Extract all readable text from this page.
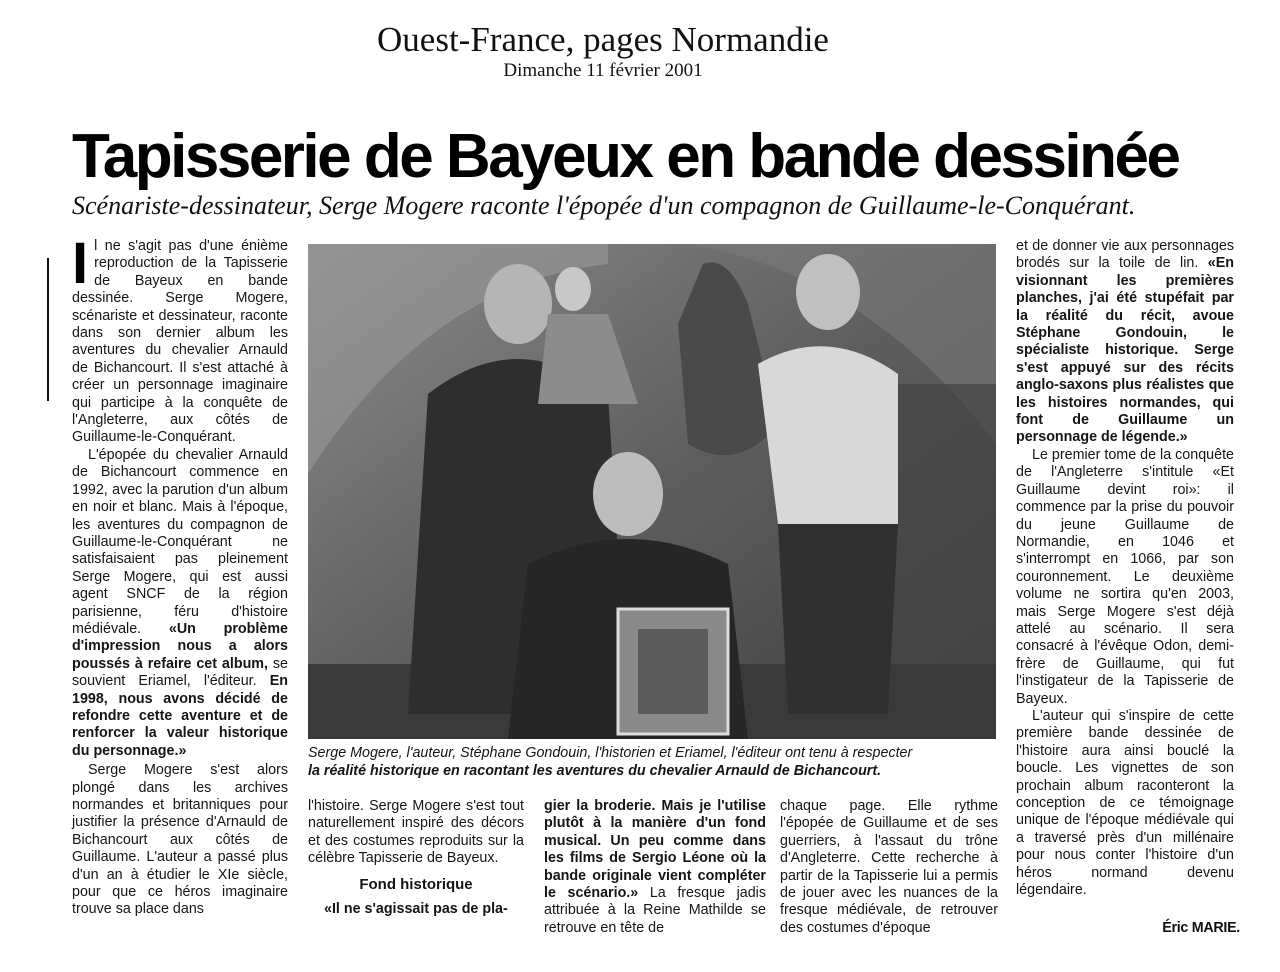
Ouest-France, pages Normandie
Dimanche 11 février 2001
Tapisserie de Bayeux en bande dessinée
Scénariste-dessinateur, Serge Mogere raconte l'épopée d'un compagnon de Guillaume-le-Conquérant.

Il ne s'agit pas d'une énième reproduction de la Tapisserie de Bayeux en bande dessinée. Serge Mogere, scénariste et dessinateur, raconte dans son dernier album les aventures du chevalier Arnauld de Bichancourt. Il s'est attaché à créer un personnage imaginaire qui participe à la conquête de l'Angleterre, aux côtés de Guillaume-le-Conquérant.

L'épopée du chevalier Arnauld de Bichancourt commence en 1992, avec la parution d'un album en noir et blanc. Mais à l'époque, les aventures du compagnon de Guillaume-le-Conquérant ne satisfaisaient pas pleinement Serge Mogere, qui est aussi agent SNCF de la région parisienne, féru d'histoire médiévale. «Un problème d'impression nous a alors poussés à refaire cet album, se souvient Eriamel, l'éditeur. En 1998, nous avons décidé de refondre cette aventure et de renforcer la valeur historique du personnage.»

Serge Mogere s'est alors plongé dans les archives normandes et britanniques pour justifier la présence d'Arnauld de Bichancourt aux côtés de Guillaume. L'auteur a passé plus d'un an à étudier le XIe siècle, pour que ce héros imaginaire trouve sa place dans

Serge Mogere, l'auteur, Stéphane Gondouin, l'historien et Eriamel, l'éditeur ont tenu à respecter
la réalité historique en racontant les aventures du chevalier Arnauld de Bichancourt.

l'histoire. Serge Mogere s'est tout naturellement inspiré des décors et des costumes reproduits sur la célèbre Tapisserie de Bayeux.

Fond historique

«Il ne s'agissait pas de pla-

gier la broderie. Mais je l'utilise plutôt à la manière d'un fond musical. Un peu comme dans les films de Sergio Léone où la bande originale vient compléter le scénario.» La fresque jadis attribuée à la Reine Mathilde se retrouve en tête de

chaque page. Elle rythme l'épopée de Guillaume et de ses guerriers, à l'assaut du trône d'Angleterre. Cette recherche à partir de la Tapisserie lui a permis de jouer avec les nuances de la fresque médiévale, de retrouver des costumes d'époque

et de donner vie aux personnages brodés sur la toile de lin. «En visionnant les premières planches, j'ai été stupéfait par la réalité du récit, avoue Stéphane Gondouin, le spécialiste historique. Serge s'est appuyé sur des récits anglo-saxons plus réalistes que les histoires normandes, qui font de Guillaume un personnage de légende.»

Le premier tome de la conquête de l'Angleterre s'intitule «Et Guillaume devint roi»: il commence par la prise du pouvoir du jeune Guillaume de Normandie, en 1046 et s'interrompt en 1066, par son couronnement. Le deuxième volume ne sortira qu'en 2003, mais Serge Mogere s'est déjà attelé au scénario. Il sera consacré à l'évêque Odon, demi-frère de Guillaume, qui fut l'instigateur de la Tapisserie de Bayeux.

L'auteur qui s'inspire de cette première bande dessinée de l'histoire aura ainsi bouclé la boucle. Les vignettes de son prochain album raconteront la conception de ce témoignage unique de l'époque médiévale qui a traversé près d'un millénaire pour nous conter l'histoire d'un héros normand devenu légendaire.

Éric MARIE.
